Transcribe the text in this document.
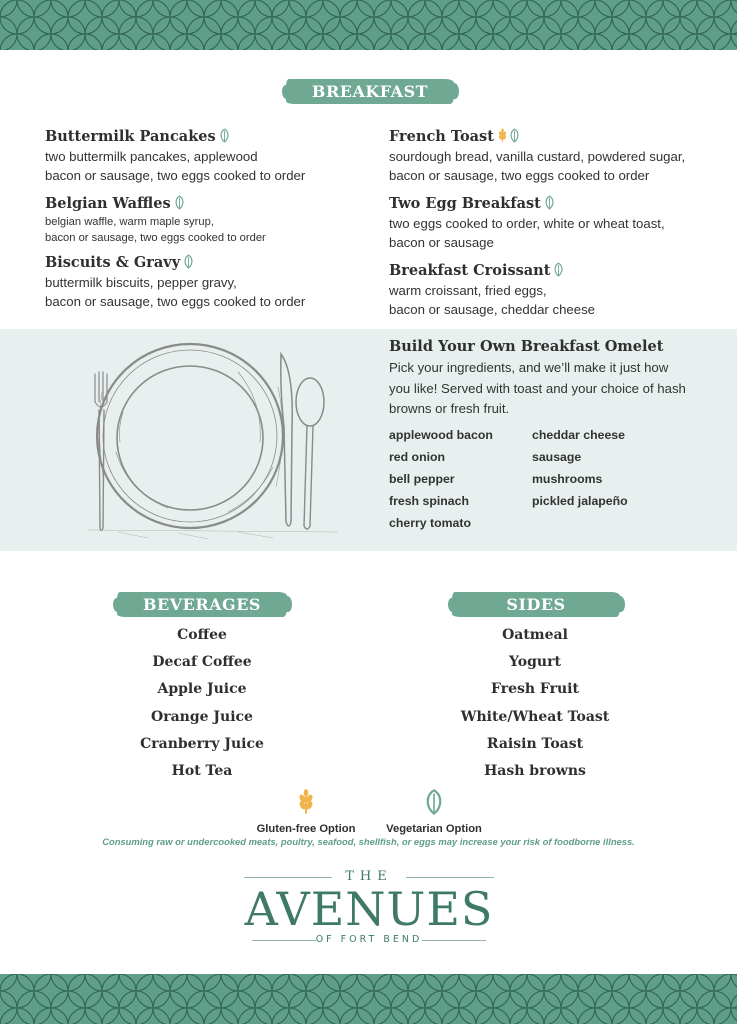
BREAKFAST
Buttermilk Pancakes
two buttermilk pancakes, applewood
bacon or sausage, two eggs cooked to order
Belgian Waffles
belgian waffle, warm maple syrup,
bacon or sausage, two eggs cooked to order
Biscuits & Gravy
buttermilk biscuits, pepper gravy,
bacon or sausage, two eggs cooked to order
French Toast
sourdough bread, vanilla custard, powdered sugar,
bacon or sausage, two eggs cooked to order
Two Egg Breakfast
two eggs cooked to order, white or wheat toast,
bacon or sausage
Breakfast Croissant
warm croissant, fried eggs,
bacon or sausage, cheddar cheese
Build Your Own Breakfast Omelet
Pick your ingredients, and we’ll make it just how you like! Served with toast and your choice of hash browns or fresh fruit.
applewood bacon
red onion
bell pepper
fresh spinach
cherry tomato
cheddar cheese
sausage
mushrooms
pickled jalapeño
BEVERAGES	SIDES
Coffee
Decaf Coffee
Apple Juice
Orange Juice
Cranberry Juice
Hot Tea
Oatmeal
Yogurt
Fresh Fruit
White/Wheat Toast
Raisin Toast
Hash browns
Gluten-free Option	Vegetarian Option
Consuming raw or undercooked meats, poultry, seafood, shellfish, or eggs may increase your risk of foodborne illness.
THE
AVENUES
OF FORT BEND
